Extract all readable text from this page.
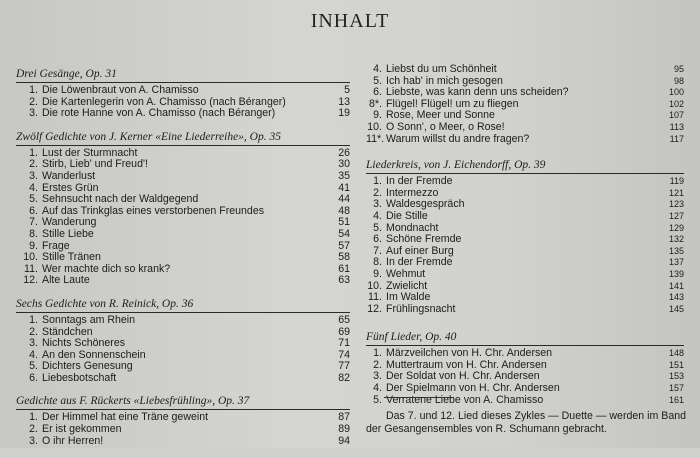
INHALT
Drei Gesänge, Op. 31
1. Die Löwenbraut von A. Chamisso	5
2. Die Kartenlegerin von A. Chamisso (nach Béranger)	13
3. Die rote Hanne von A. Chamisso (nach Béranger)	19
Zwölf Gedichte von J. Kerner «Eine Liederreihe», Op. 35
1. Lust der Sturmnacht	26
2. Stirb, Lieb' und Freud'!	30
3. Wanderlust	35
4. Erstes Grün	41
5. Sehnsucht nach der Waldgegend	44
6. Auf das Trinkglas eines verstorbenen Freundes	48
7. Wanderung	51
8. Stille Liebe	54
9. Frage	57
10. Stille Tränen	58
11. Wer machte dich so krank?	61
12. Alte Laute	63
Sechs Gedichte von R. Reinick, Op. 36
1. Sonntags am Rhein	65
2. Ständchen	69
3. Nichts Schöneres	71
4. An den Sonnenschein	74
5. Dichters Genesung	77
6. Liebesbotschaft	82
Gedichte aus F. Rückerts «Liebesfrühling», Op. 37
1. Der Himmel hat eine Träne geweint	87
2. Er ist gekommen	89
3. O ihr Herren!	94
4. Liebst du um Schönheit	95
5. Ich hab' in mich gesogen	98
6. Liebste, was kann denn uns scheiden?	100
8*. Flügel! Flügel! um zu fliegen	102
9. Rose, Meer und Sonne	107
10. O Sonn', o Meer, o Rose!	113
11*. Warum willst du andre fragen?	117
Liederkreis, von J. Eichendorff, Op. 39
1. In der Fremde	119
2. Intermezzo	121
3. Waldesgespräch	123
4. Die Stille	127
5. Mondnacht	129
6. Schöne Fremde	132
7. Auf einer Burg	135
8. In der Fremde	137
9. Wehmut	139
10. Zwielicht	141
11. Im Walde	143
12. Frühlingsnacht	145
Fünf Lieder, Op. 40
1. Märzveilchen von H. Chr. Andersen	148
2. Muttertraum von H. Chr. Andersen	151
3. Der Soldat von H. Chr. Andersen	153
4. Der Spielmann von H. Chr. Andersen	157
5. Verratene Liebe von A. Chamisso	161
Das 7. und 12. Lied dieses Zykles — Duette — werden im Band der Gesangensembles von R. Schumann gebracht.
